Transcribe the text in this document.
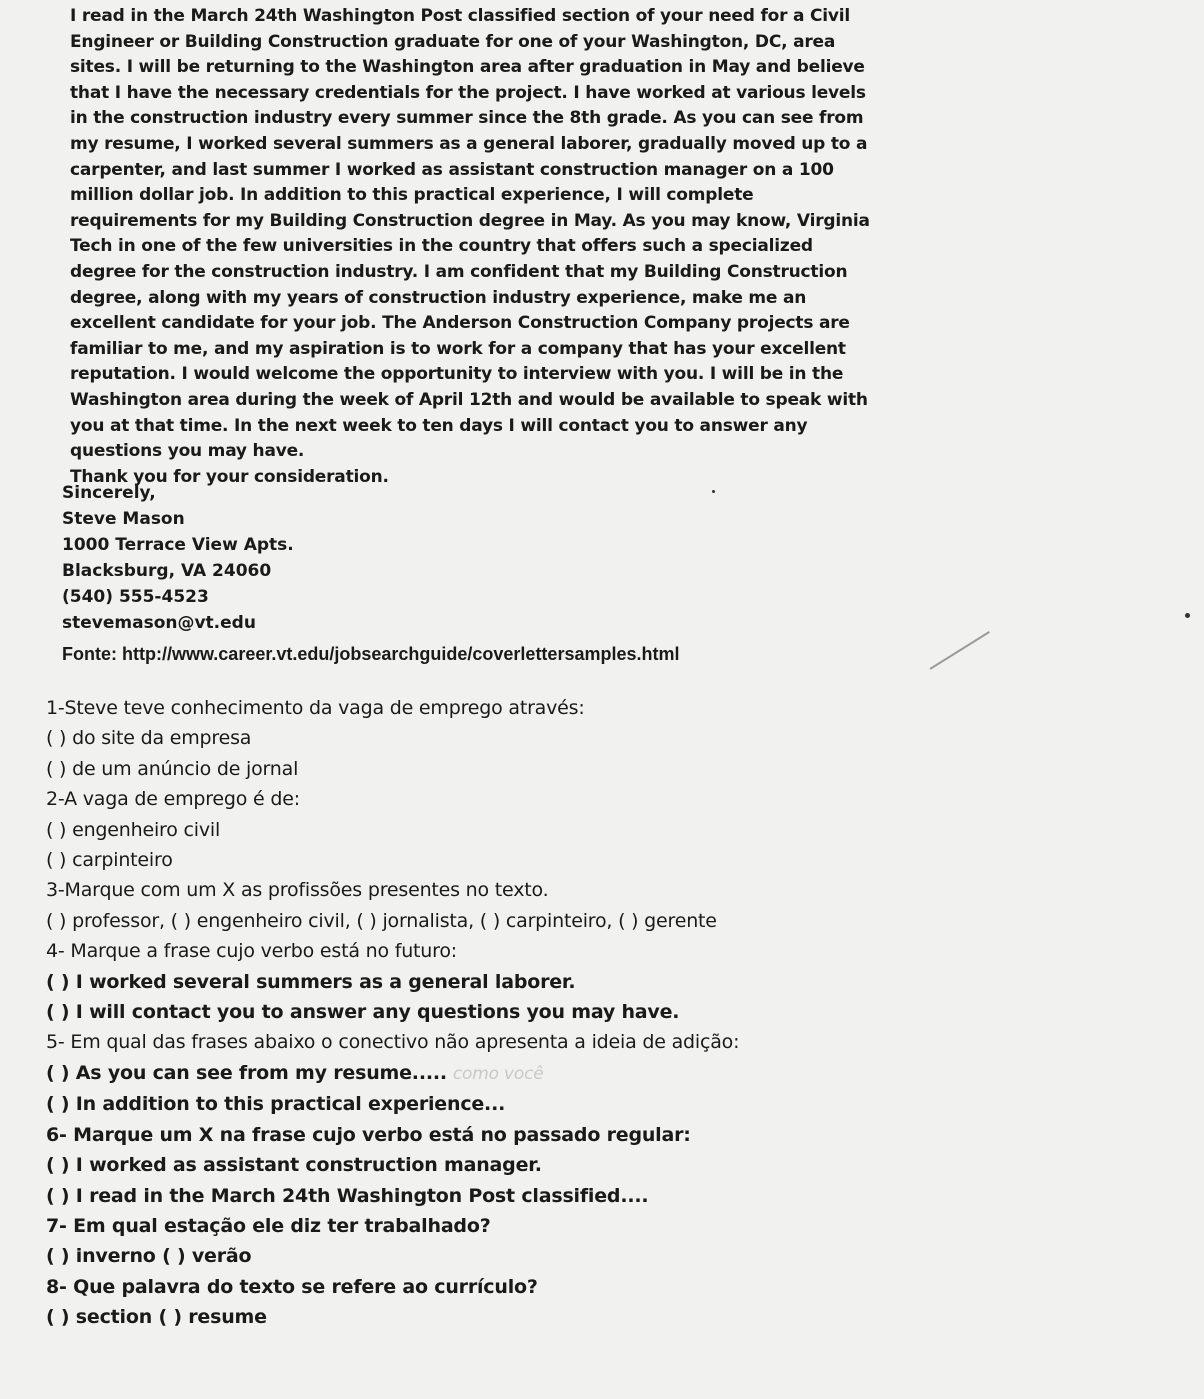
I read in the March 24th Washington Post classified section of your need for a Civil Engineer or Building Construction graduate for one of your Washington, DC, area sites. I will be returning to the Washington area after graduation in May and believe that I have the necessary credentials for the project. I have worked at various levels in the construction industry every summer since the 8th grade. As you can see from my resume, I worked several summers as a general laborer, gradually moved up to a carpenter, and last summer I worked as assistant construction manager on a 100 million dollar job. In addition to this practical experience, I will complete requirements for my Building Construction degree in May. As you may know, Virginia Tech in one of the few universities in the country that offers such a specialized degree for the construction industry. I am confident that my Building Construction degree, along with my years of construction industry experience, make me an excellent candidate for your job. The Anderson Construction Company projects are familiar to me, and my aspiration is to work for a company that has your excellent reputation. I would welcome the opportunity to interview with you. I will be in the Washington area during the week of April 12th and would be available to speak with you at that time. In the next week to ten days I will contact you to answer any questions you may have.

Thank you for your consideration.

Sincerely,
Steve Mason
1000 Terrace View Apts.
Blacksburg, VA 24060
(540) 555-4523
stevemason@vt.edu
Fonte: http://www.career.vt.edu/jobsearchguide/coverlettersamples.html
1-Steve teve conhecimento da vaga de emprego através:
( ) do site da empresa
( ) de um anúncio de jornal
2-A vaga de emprego é de:
( ) engenheiro civil
( ) carpinteiro
3-Marque com um X as profissões presentes no texto.
( ) professor, ( ) engenheiro civil, ( ) jornalista, ( ) carpinteiro, ( ) gerente
4- Marque a frase cujo verbo está no futuro:
( ) I worked several summers as a general laborer.
( ) I will contact you to answer any questions you may have.
5- Em qual das frases abaixo o conectivo não apresenta a ideia de adição:
( ) As you can see from my resume..... como você
( ) In addition to this practical experience...
6- Marque um X na frase cujo verbo está no passado regular:
( ) I worked as assistant construction manager.
( ) I read in the March 24th Washington Post classified....
7- Em qual estação ele diz ter trabalhado?
( ) inverno ( ) verão
8- Que palavra do texto se refere ao currículo?
( ) section ( ) resume
